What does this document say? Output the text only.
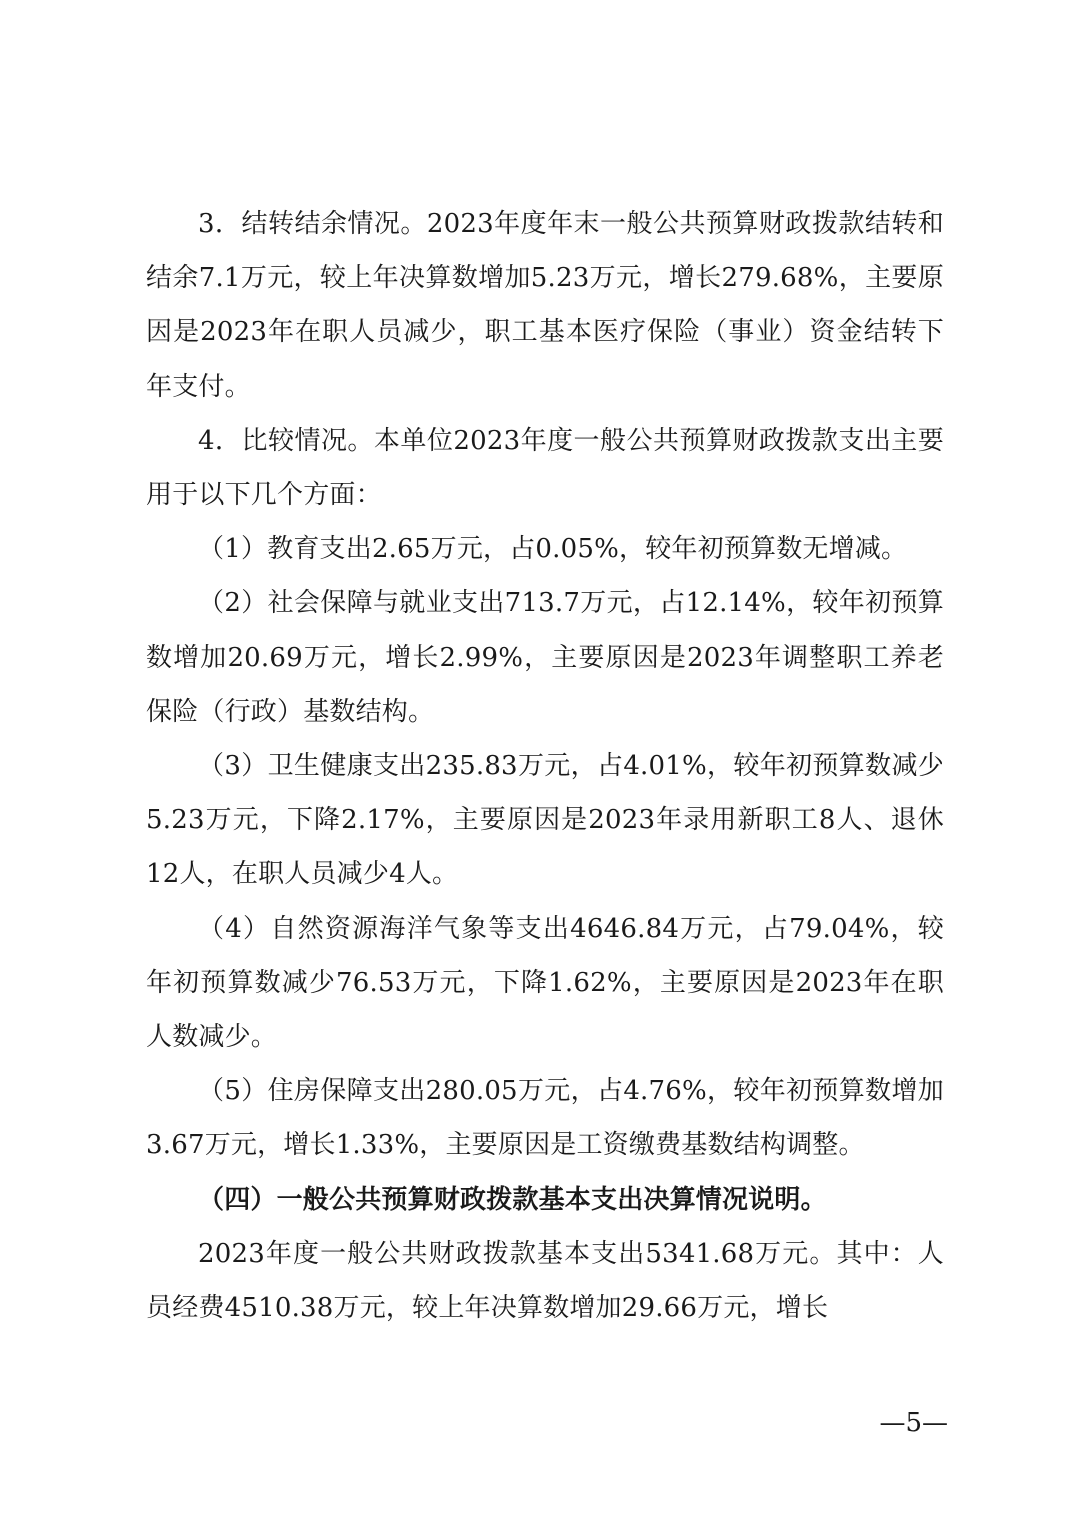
3．结转结余情况。2023年度年末一般公共预算财政拨款结转和结余7.1万元，较上年决算数增加5.23万元，增长279.68%，主要原因是2023年在职人员减少，职工基本医疗保险（事业）资金结转下年支付。

4．比较情况。本单位2023年度一般公共预算财政拨款支出主要用于以下几个方面：

（1）教育支出2.65万元，占0.05%，较年初预算数无增减。

（2）社会保障与就业支出713.7万元，占12.14%，较年初预算数增加20.69万元，增长2.99%，主要原因是2023年调整职工养老保险（行政）基数结构。

（3）卫生健康支出235.83万元，占4.01%，较年初预算数减少5.23万元，下降2.17%，主要原因是2023年录用新职工8人、退休12人，在职人员减少4人。

（4）自然资源海洋气象等支出4646.84万元，占79.04%，较年初预算数减少76.53万元，下降1.62%，主要原因是2023年在职人数减少。

（5）住房保障支出280.05万元，占4.76%，较年初预算数增加3.67万元，增长1.33%，主要原因是工资缴费基数结构调整。

（四）一般公共预算财政拨款基本支出决算情况说明。

2023年度一般公共财政拨款基本支出5341.68万元。其中：人员经费4510.38万元，较上年决算数增加29.66万元，增长

—5—
